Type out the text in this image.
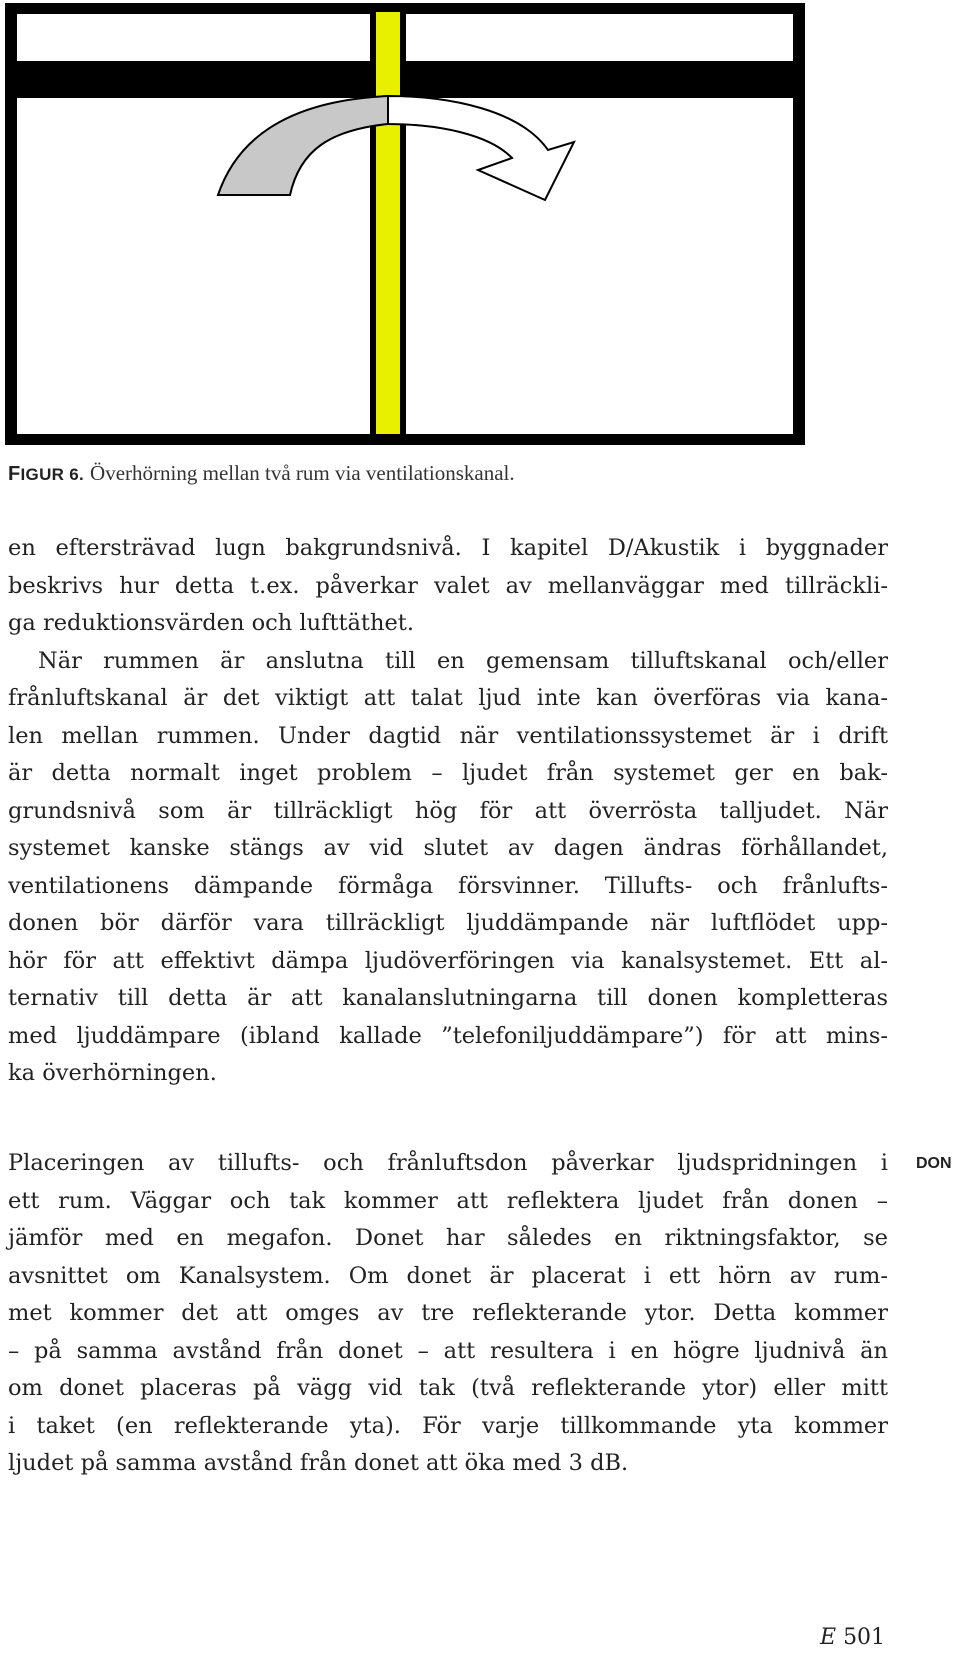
FIGUR 6. Överhörning mellan två rum via ventilationskanal.
en eftersträvad lugn bakgrundsnivå. I kapitel D/Akustik i byggnader
beskrivs hur detta t.ex. påverkar valet av mellanväggar med tillräckli-
ga reduktionsvärden och lufttäthet.
När rummen är anslutna till en gemensam tilluftskanal och/eller
frånluftskanal är det viktigt att talat ljud inte kan överföras via kana-
len mellan rummen. Under dagtid när ventilationssystemet är i drift
är detta normalt inget problem – ljudet från systemet ger en bak-
grundsnivå som är tillräckligt hög för att överrösta talljudet. När
systemet kanske stängs av vid slutet av dagen ändras förhållandet,
ventilationens dämpande förmåga försvinner. Tillufts- och frånlufts-
donen bör därför vara tillräckligt ljuddämpande när luftflödet upp-
hör för att effektivt dämpa ljudöverföringen via kanalsystemet. Ett al-
ternativ till detta är att kanalanslutningarna till donen kompletteras
med ljuddämpare (ibland kallade ”telefoniljuddämpare”) för att mins-
ka överhörningen.
Placeringen av tillufts- och frånluftsdon påverkar ljudspridningen i
ett rum. Väggar och tak kommer att reflektera ljudet från donen –
jämför med en megafon. Donet har således en riktningsfaktor, se
avsnittet om Kanalsystem. Om donet är placerat i ett hörn av rum-
met kommer det att omges av tre reflekterande ytor. Detta kommer
– på samma avstånd från donet – att resultera i en högre ljudnivå än
om donet placeras på vägg vid tak (två reflekterande ytor) eller mitt
i taket (en reflekterande yta). För varje tillkommande yta kommer
ljudet på samma avstånd från donet att öka med 3 dB.
DON
E 501
